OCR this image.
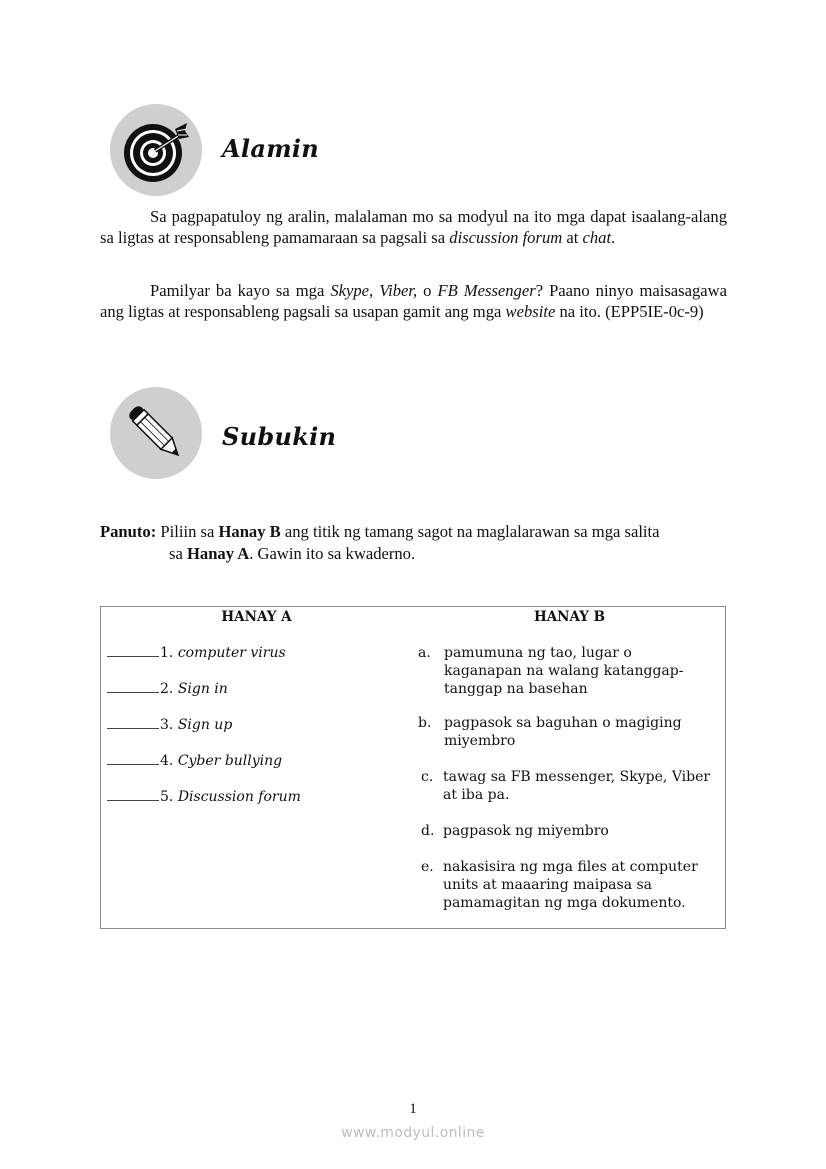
Alamin
Sa pagpapatuloy ng aralin, malalaman mo sa modyul na ito mga dapat isaalang-alang sa ligtas at responsableng pamamaraan sa pagsali sa discussion forum at chat.
Pamilyar ba kayo sa mga Skype, Viber, o FB Messenger? Paano ninyo maisasagawa ang ligtas at responsableng pagsali sa usapan gamit ang mga website na ito. (EPP5IE-0c-9)
Subukin
Panuto: Piliin sa Hanay B ang titik ng tamang sagot na maglalarawan sa mga salita
sa Hanay A. Gawin ito sa kwaderno.
HANAY A	HANAY B
1. computer virus
2. Sign in
3. Sign up
4. Cyber bullying
5. Discussion forum
a. pamumuna ng tao, lugar o kaganapan na walang katanggap-tanggap na basehan
b. pagpasok sa baguhan o magiging miyembro
c. tawag sa FB messenger, Skype, Viber at iba pa.
d. pagpasok ng miyembro
e. nakasisira ng mga files at computer units at maaaring maipasa sa pamamagitan ng mga dokumento.
1
www.modyul.online
